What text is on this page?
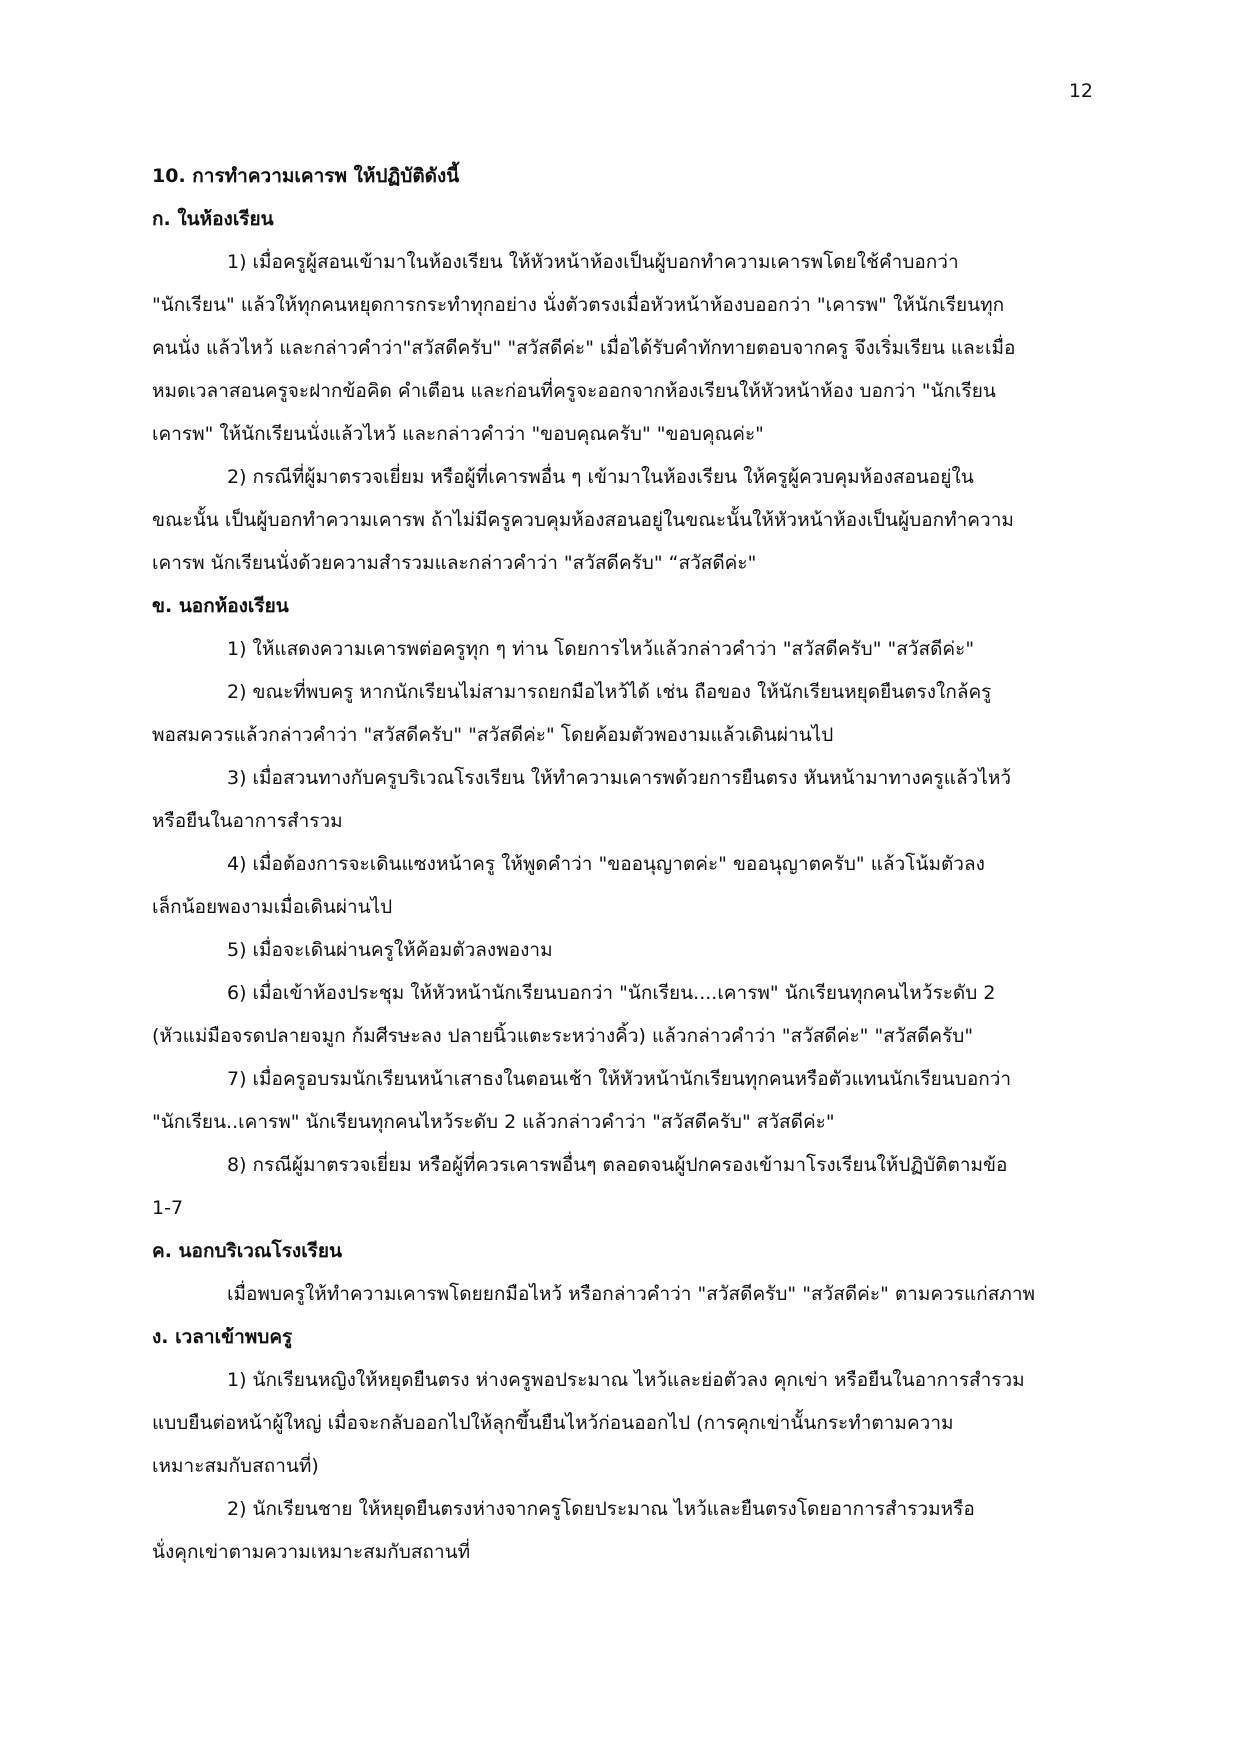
12
10. การทำความเคารพ ให้ปฏิบัติดังนี้
ก. ในห้องเรียน
1) เมื่อครูผู้สอนเข้ามาในห้องเรียน ให้หัวหน้าห้องเป็นผู้บอกทำความเคารพโดยใช้คำบอกว่า
"นักเรียน" แล้วให้ทุกคนหยุดการกระทำทุกอย่าง นั่งตัวตรงเมื่อหัวหน้าห้องบออกว่า "เคารพ" ให้นักเรียนทุก
คนนั่ง แล้วไหว้ และกล่าวคำว่า"สวัสดีครับ" "สวัสดีค่ะ" เมื่อได้รับคำทักทายตอบจากครู จึงเริ่มเรียน และเมื่อ
หมดเวลาสอนครูจะฝากข้อคิด คำเตือน และก่อนที่ครูจะออกจากห้องเรียนให้หัวหน้าห้อง บอกว่า "นักเรียน
เคารพ" ให้นักเรียนนั่งแล้วไหว้ และกล่าวคำว่า "ขอบคุณครับ" "ขอบคุณค่ะ"
2) กรณีที่ผู้มาตรวจเยี่ยม หรือผู้ที่เคารพอื่น ๆ เข้ามาในห้องเรียน ให้ครูผู้ควบคุมห้องสอนอยู่ใน
ขณะนั้น เป็นผู้บอกทำความเคารพ ถ้าไม่มีครูควบคุมห้องสอนอยู่ในขณะนั้นให้หัวหน้าห้องเป็นผู้บอกทำความ
เคารพ นักเรียนนั่งด้วยความสำรวมและกล่าวคำว่า "สวัสดีครับ" “สวัสดีค่ะ"
ข. นอกห้องเรียน
1) ให้แสดงความเคารพต่อครูทุก ๆ ท่าน โดยการไหว้แล้วกล่าวคำว่า "สวัสดีครับ" "สวัสดีค่ะ"
2) ขณะที่พบครู หากนักเรียนไม่สามารถยกมือไหว้ได้ เช่น ถือของ ให้นักเรียนหยุดยืนตรงใกล้ครู
พอสมควรแล้วกล่าวคำว่า "สวัสดีครับ" "สวัสดีค่ะ" โดยค้อมตัวพองามแล้วเดินผ่านไป
3) เมื่อสวนทางกับครูบริเวณโรงเรียน ให้ทำความเคารพด้วยการยืนตรง หันหน้ามาทางครูแล้วไหว้
หรือยืนในอาการสำรวม
4) เมื่อต้องการจะเดินแซงหน้าครู ให้พูดคำว่า "ขออนุญาตค่ะ" ขออนุญาตครับ" แล้วโน้มตัวลง
เล็กน้อยพองามเมื่อเดินผ่านไป
5) เมื่อจะเดินผ่านครูให้ค้อมตัวลงพองาม
6) เมื่อเข้าห้องประชุม ให้หัวหน้านักเรียนบอกว่า "นักเรียน....เคารพ" นักเรียนทุกคนไหว้ระดับ 2
(หัวแม่มือจรดปลายจมูก ก้มศีรษะลง ปลายนิ้วแตะระหว่างคิ้ว) แล้วกล่าวคำว่า "สวัสดีค่ะ" "สวัสดีครับ"
7) เมื่อครูอบรมนักเรียนหน้าเสาธงในตอนเช้า ให้หัวหน้านักเรียนทุกคนหรือตัวแทนนักเรียนบอกว่า
"นักเรียน..เคารพ" นักเรียนทุกคนไหว้ระดับ 2 แล้วกล่าวคำว่า "สวัสดีครับ" สวัสดีค่ะ"
8) กรณีผู้มาตรวจเยี่ยม หรือผู้ที่ควรเคารพอื่นๆ ตลอดจนผู้ปกครองเข้ามาโรงเรียนให้ปฏิบัติตามข้อ
1-7
ค. นอกบริเวณโรงเรียน
เมื่อพบครูให้ทำความเคารพโดยยกมือไหว้ หรือกล่าวคำว่า "สวัสดีครับ" "สวัสดีค่ะ" ตามควรแก่สภาพ
ง. เวลาเข้าพบครู
1) นักเรียนหญิงให้หยุดยืนตรง ห่างครูพอประมาณ ไหว้และย่อตัวลง คุกเข่า หรือยืนในอาการสำรวม
แบบยืนต่อหน้าผู้ใหญ่ เมื่อจะกลับออกไปให้ลุกขึ้นยืนไหว้ก่อนออกไป (การคุกเข่านั้นกระทำตามความ
เหมาะสมกับสถานที่)
2) นักเรียนชาย ให้หยุดยืนตรงห่างจากครูโดยประมาณ ไหว้และยืนตรงโดยอาการสำรวมหรือ
นั่งคุกเข่าตามความเหมาะสมกับสถานที่
